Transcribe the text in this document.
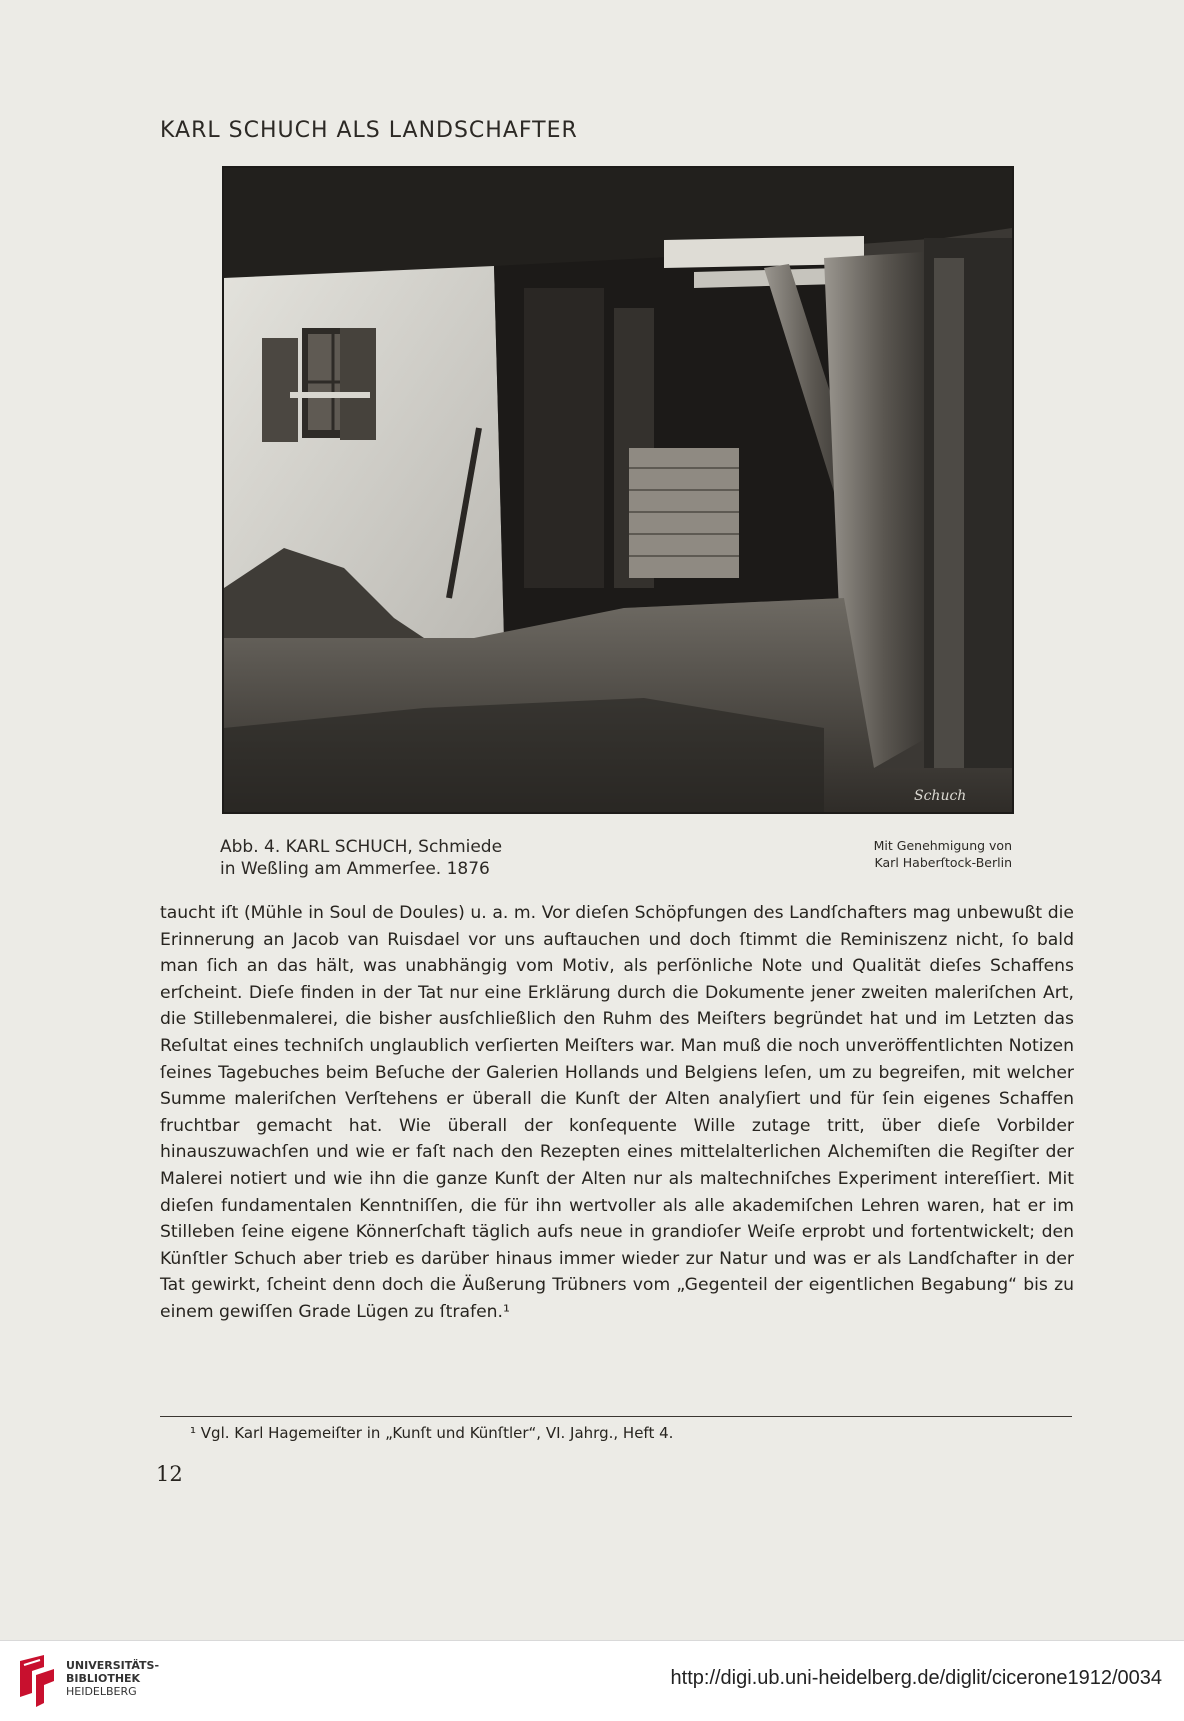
KARL SCHUCH ALS LANDSCHAFTER
Schuch
Abb. 4. KARL SCHUCH, Schmiede
in Weßling am Ammerſee. 1876
Mit Genehmigung von
Karl Haberſtock-Berlin

taucht iſt (Mühle in Soul de Doules) u. a. m. Vor dieſen Schöpfungen des Landſchafters mag unbewußt die Erinnerung an Jacob van Ruisdael vor uns auftauchen und doch ſtimmt die Reminiszenz nicht, ſo bald man ſich an das hält, was unabhängig vom Motiv, als perſönliche Note und Qualität dieſes Schaffens erſcheint. Dieſe finden in der Tat nur eine Erklärung durch die Dokumente jener zweiten maleriſchen Art, die Stillebenmalerei, die bisher ausſchließlich den Ruhm des Meiſters begründet hat und im Letzten das Reſultat eines techniſch unglaublich verſierten Meiſters war. Man muß die noch unveröffentlichten Notizen ſeines Tagebuches beim Beſuche der Galerien Hollands und Belgiens leſen, um zu begreifen, mit welcher Summe maleriſchen Verſtehens er überall die Kunſt der Alten analyſiert und für ſein eigenes Schaffen fruchtbar gemacht hat. Wie überall der konſequente Wille zutage tritt, über dieſe Vorbilder hinauszuwachſen und wie er faſt nach den Rezepten eines mittelalterlichen Alchemiſten die Regiſter der Malerei notiert und wie ihn die ganze Kunſt der Alten nur als maltechniſches Experiment intereſſiert. Mit dieſen fundamentalen Kenntniſſen, die für ihn wertvoller als alle akademiſchen Lehren waren, hat er im Stilleben ſeine eigene Könnerſchaft täglich aufs neue in grandioſer Weiſe erprobt und fortentwickelt; den Künſtler Schuch aber trieb es darüber hinaus immer wieder zur Natur und was er als Landſchafter in der Tat gewirkt, ſcheint denn doch die Äußerung Trübners vom „Gegenteil der eigentlichen Begabung“ bis zu einem gewiſſen Grade Lügen zu ſtrafen.¹

¹ Vgl. Karl Hagemeiſter in „Kunſt und Künſtler“, VI. Jahrg., Heft 4.
12
UNIVERSITÄTS-
BIBLIOTHEK
HEIDELBERG
http://digi.ub.uni-heidelberg.de/diglit/cicerone1912/0034
